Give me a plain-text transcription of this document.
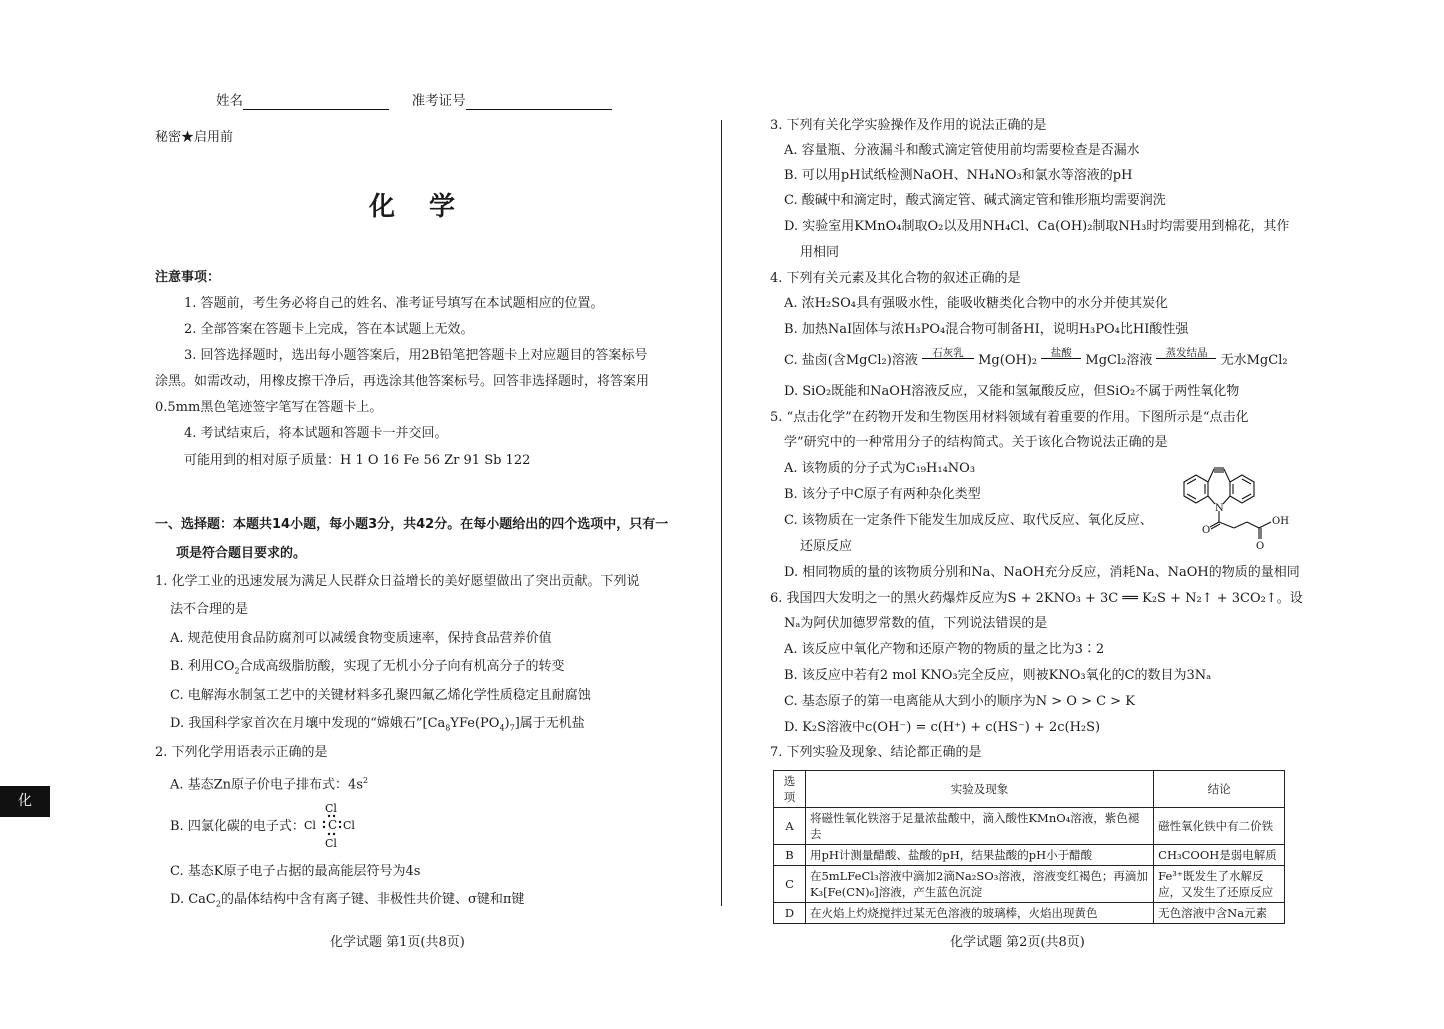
姓名	准考证号
秘密★启用前
化学
注意事项：
1. 答题前，考生务必将自己的姓名、准考证号填写在本试题相应的位置。
2. 全部答案在答题卡上完成，答在本试题上无效。
3. 回答选择题时，选出每小题答案后，用2B铅笔把答题卡上对应题目的答案标号
涂黑。如需改动，用橡皮擦干净后，再选涂其他答案标号。回答非选择题时，将答案用
0.5mm黑色笔迹签字笔写在答题卡上。
4. 考试结束后，将本试题和答题卡一并交回。
可能用到的相对原子质量：H 1 O 16 Fe 56 Zr 91 Sb 122
一、选择题：本题共14小题，每小题3分，共42分。在每小题给出的四个选项中，只有一
项是符合题目要求的。
1. 化学工业的迅速发展为满足人民群众日益增长的美好愿望做出了突出贡献。下列说
法不合理的是
A. 规范使用食品防腐剂可以减缓食物变质速率，保持食品营养价值
B. 利用$CO_2$合成高级脂肪酸，实现了无机小分子向有机高分子的转变
C. 电解海水制氢工艺中的关键材料多孔聚四氟乙烯化学性质稳定且耐腐蚀
D. 我国科学家首次在月壤中发现的“嫦娥石$”[Ca_8YFe(PO_4)_7]$属于无机盐
2. 下列化学用语表示正确的是
A. 基态Zn原子价电子排布式：$4s^2$
B. 四氯化碳的电子式：
Cl
Cl C Cl
Cl
C. 基态K原子电子占据的最高能层符号为4s
D. CaC$_2$的晶体结构中含有离子键、非极性共价键、σ键和π键
化学试题 第1页(共8页)
化
3. 下列有关化学实验操作及作用的说法正确的是
A. 容量瓶、分液漏斗和酸式滴定管使用前均需要检查是否漏水
B. 可以用pH试纸检测NaOH、NH₄NO₃和氯水等溶液的pH
C. 酸碱中和滴定时，酸式滴定管、碱式滴定管和锥形瓶均需要润洗
D. 实验室用KMnO₄制取O₂以及用NH₄Cl、Ca(OH)₂制取NH₃时均需要用到棉花，其作
用相同
4. 下列有关元素及其化合物的叙述正确的是
A. 浓H₂SO₄具有强吸水性，能吸收糖类化合物中的水分并使其炭化
B. 加热NaI固体与浓H₃PO₄混合物可制备HI，说明H₃PO₄比HI酸性强
C. 盐卤(含MgCl₂)溶液	石灰乳	Mg(OH)₂	盐酸	MgCl₂溶液	蒸发结晶	无水MgCl₂
D. SiO₂既能和NaOH溶液反应，又能和氢氟酸反应，但SiO₂不属于两性氧化物
5. “点击化学”在药物开发和生物医用材料领域有着重要的作用。下图所示是“点击化
学”研究中的一种常用分子的结构简式。关于该化合物说法正确的是
A. 该物质的分子式为C₁₉H₁₄NO₃
B. 该分子中C原子有两种杂化类型
C. 该物质在一定条件下能发生加成反应、取代反应、氧化反应、
还原反应
D. 相同物质的量的该物质分别和Na、NaOH充分反应，消耗Na、NaOH的物质的量相同
N
O
OH
O
6. 我国四大发明之一的黑火药爆炸反应为S + 2KNO₃ + 3C ══ K₂S + N₂↑ + 3CO₂↑。设
Nₐ为阿伏加德罗常数的值，下列说法错误的是
A. 该反应中氧化产物和还原产物的物质的量之比为3∶2
B. 该反应中若有2 mol KNO₃完全反应，则被KNO₃氧化的C的数目为3Nₐ
C. 基态原子的第一电离能从大到小的顺序为N > O > C > K
D. K₂S溶液中c(OH⁻) = c(H⁺) + c(HS⁻) + 2c(H₂S)
7. 下列实验及现象、结论都正确的是
选项	实验及现象	结论
A	将磁性氧化铁溶于足量浓盐酸中，滴入酸性KMnO₄溶液，紫色褪去	磁性氧化铁中有二价铁
B	用pH计测量醋酸、盐酸的pH，结果盐酸的pH小于醋酸	CH₃COOH是弱电解质
C	在5mLFeCl₃溶液中滴加2滴Na₂SO₃溶液，溶液变红褐色；再滴加K₃[Fe(CN)₆]溶液，产生蓝色沉淀	Fe³⁺既发生了水解反应，又发生了还原反应
D	在火焰上灼烧搅拌过某无色溶液的玻璃棒，火焰出现黄色	无色溶液中含Na元素
化学试题 第2页(共8页)
